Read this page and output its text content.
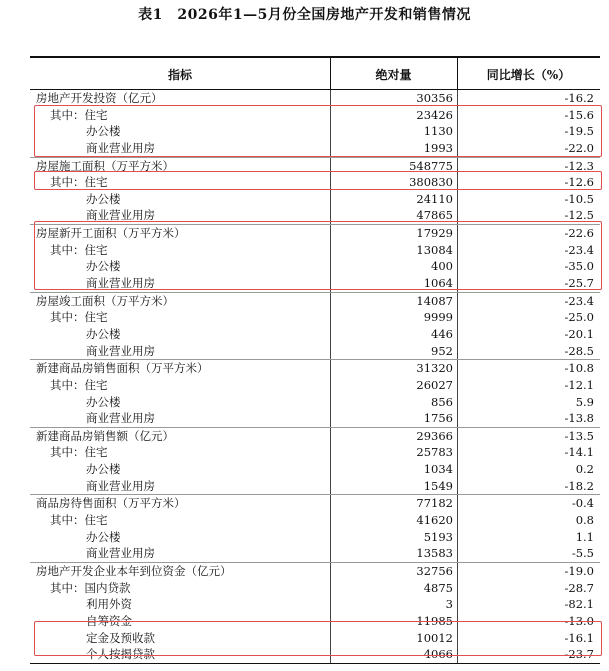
表1　2026年1—5月份全国房地产开发和销售情况
指标	绝对量	同比增长（%）
房地产开发投资（亿元）	30356	-16.2
其中：住宅	23426	-15.6
办公楼	1130	-19.5
商业营业用房	1993	-22.0
房屋施工面积（万平方米）	548775	-12.3
其中：住宅	380830	-12.6
办公楼	24110	-10.5
商业营业用房	47865	-12.5
房屋新开工面积（万平方米）	17929	-22.6
其中：住宅	13084	-23.4
办公楼	400	-35.0
商业营业用房	1064	-25.7
房屋竣工面积（万平方米）	14087	-23.4
其中：住宅	9999	-25.0
办公楼	446	-20.1
商业营业用房	952	-28.5
新建商品房销售面积（万平方米）	31320	-10.8
其中：住宅	26027	-12.1
办公楼	856	5.9
商业营业用房	1756	-13.8
新建商品房销售额（亿元）	29366	-13.5
其中：住宅	25783	-14.1
办公楼	1034	0.2
商业营业用房	1549	-18.2
商品房待售面积（万平方米）	77182	-0.4
其中：住宅	41620	0.8
办公楼	5193	1.1
商业营业用房	13583	-5.5
房地产开发企业本年到位资金（亿元）	32756	-19.0
其中：国内贷款	4875	-28.7
利用外资	3	-82.1
自筹资金	11985	-13.0
定金及预收款	10012	-16.1
个人按揭贷款	4066	-23.7
